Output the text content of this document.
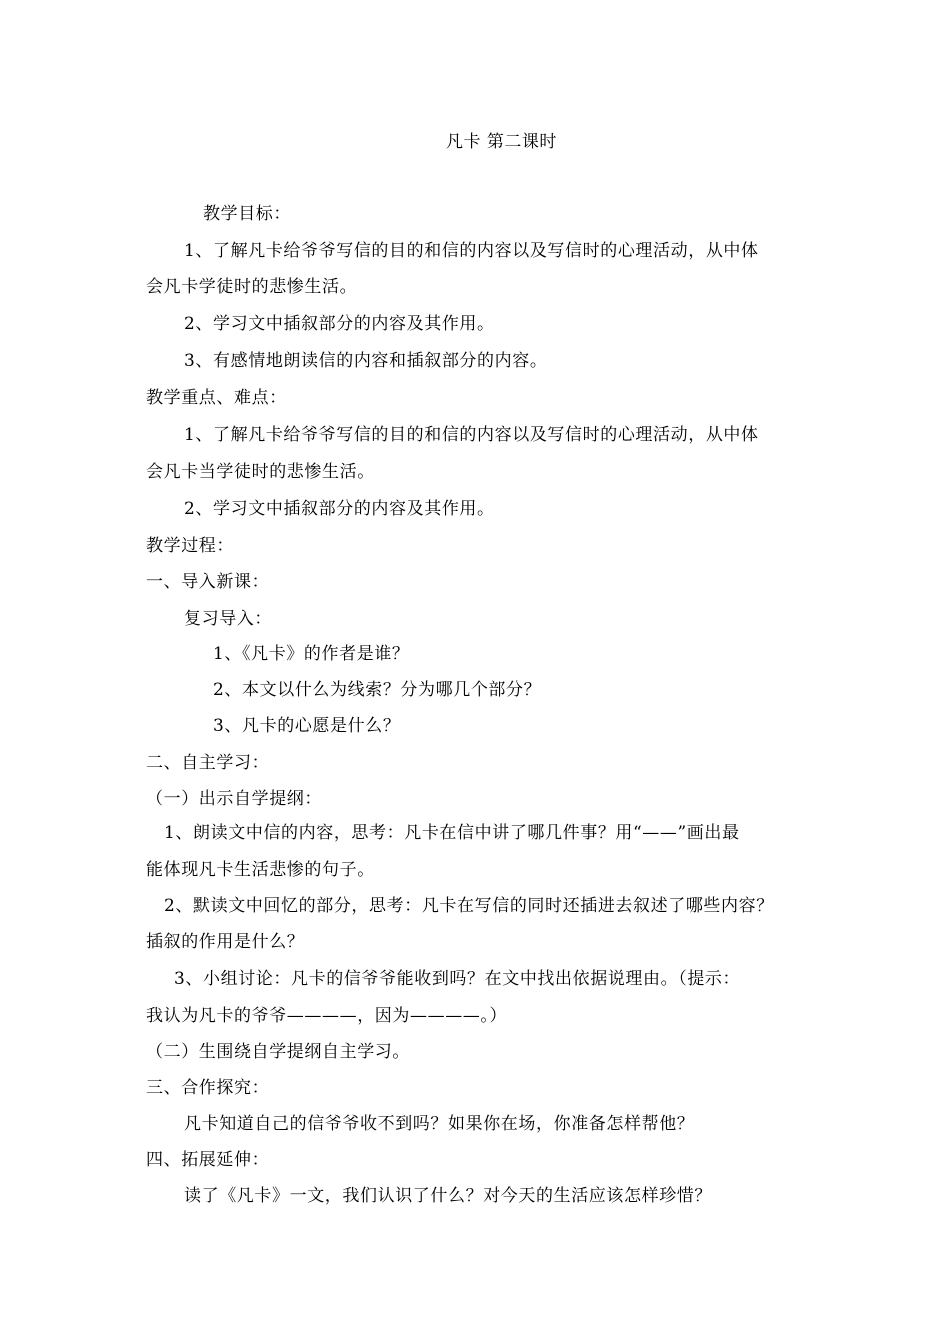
凡卡 第二课时
教学目标：
1、了解凡卡给爷爷写信的目的和信的内容以及写信时的心理活动，从中体
会凡卡学徒时的悲惨生活。
2、学习文中插叙部分的内容及其作用。
3、有感情地朗读信的内容和插叙部分的内容。
教学重点、难点：
1、了解凡卡给爷爷写信的目的和信的内容以及写信时的心理活动，从中体
会凡卡当学徒时的悲惨生活。
2、学习文中插叙部分的内容及其作用。
教学过程：
一、导入新课：
复习导入：
1、《凡卡》的作者是谁？
2、本文以什么为线索？分为哪几个部分？
3、凡卡的心愿是什么？
二、自主学习：
（一）出示自学提纲：
1、朗读文中信的内容，思考：凡卡在信中讲了哪几件事？用“——”画出最
能体现凡卡生活悲惨的句子。
2、默读文中回忆的部分，思考：凡卡在写信的同时还插进去叙述了哪些内容？
插叙的作用是什么？
3、小组讨论：凡卡的信爷爷能收到吗？在文中找出依据说理由。（提示：
我认为凡卡的爷爷————，因为————。）
（二）生围绕自学提纲自主学习。
三、合作探究：
凡卡知道自己的信爷爷收不到吗？如果你在场，你准备怎样帮他？
四、拓展延伸：
读了《凡卡》一文，我们认识了什么？对今天的生活应该怎样珍惜？
